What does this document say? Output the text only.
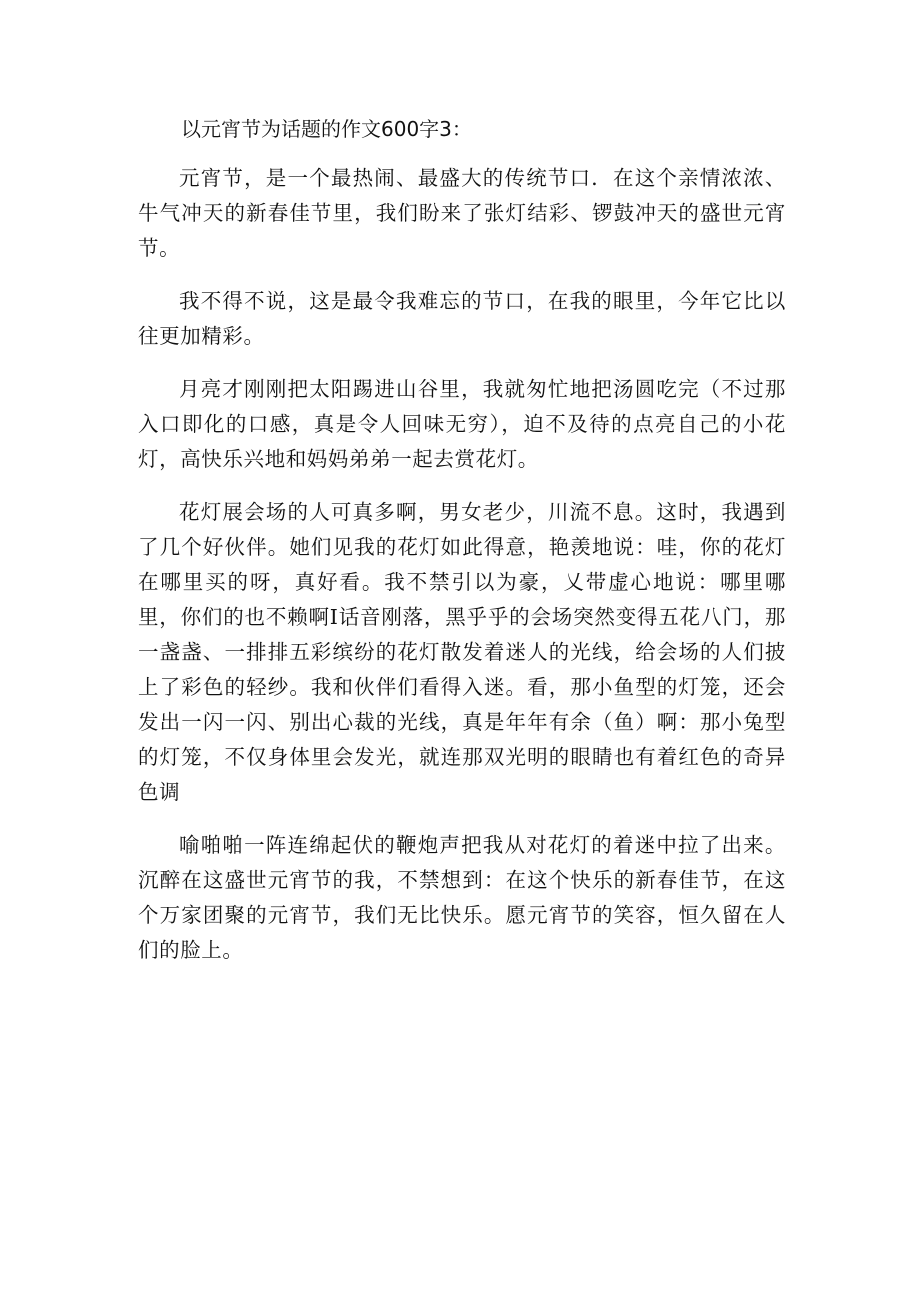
以元宵节为话题的作文600字3：

元宵节，是一个最热闹、最盛大的传统节口．在这个亲情浓浓、牛气冲天的新春佳节里，我们盼来了张灯结彩、锣鼓冲天的盛世元宵节。

我不得不说，这是最令我难忘的节口，在我的眼里，今年它比以往更加精彩。

月亮才刚刚把太阳踢进山谷里，我就匆忙地把汤圆吃完（不过那入口即化的口感，真是令人回味无穷），迫不及待的点亮自己的小花灯，高快乐兴地和妈妈弟弟一起去赏花灯。

花灯展会场的人可真多啊，男女老少，川流不息。这时，我遇到了几个好伙伴。她们见我的花灯如此得意，艳羡地说：哇，你的花灯在哪里买的呀，真好看。我不禁引以为豪，乂带虚心地说：哪里哪里，你们的也不赖啊I话音刚落，黑乎乎的会场突然变得五花八门，那一盏盏、一排排五彩缤纷的花灯散发着迷人的光线，给会场的人们披上了彩色的轻纱。我和伙伴们看得入迷。看，那小鱼型的灯笼，还会发出一闪一闪、别出心裁的光线，真是年年有余（鱼）啊：那小兔型的灯笼，不仅身体里会发光，就连那双光明的眼睛也有着红色的奇异色调

喻啪啪一阵连绵起伏的鞭炮声把我从对花灯的着迷中拉了出来。沉醉在这盛世元宵节的我，不禁想到：在这个快乐的新春佳节，在这个万家团聚的元宵节，我们无比快乐。愿元宵节的笑容，恒久留在人们的脸上。
